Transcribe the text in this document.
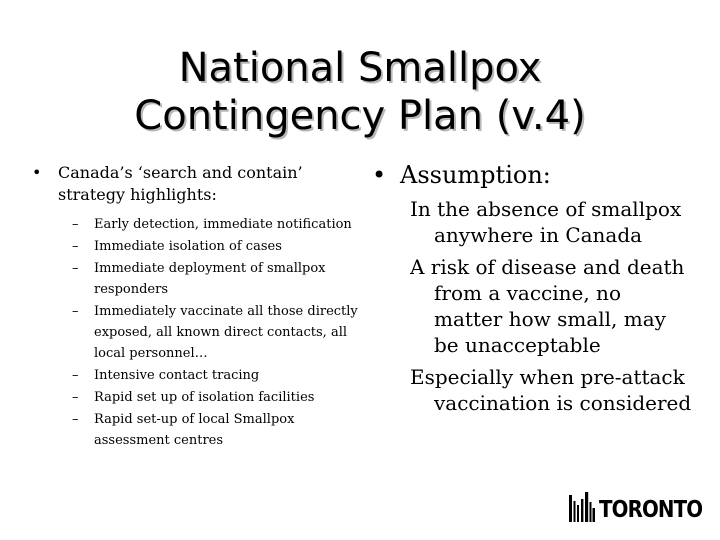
National Smallpox
Contingency Plan (v.4)
• Canada’s ‘search and contain’ strategy highlights:
– Early detection, immediate notification
– Immediate isolation of cases
– Immediate deployment of smallpox responders
– Immediately vaccinate all those directly exposed, all known direct contacts, all local personnel…
– Intensive contact tracing
– Rapid set up of isolation facilities
– Rapid set-up of local Smallpox assessment centres
• Assumption:
In the absence of smallpox anywhere in Canada
A risk of disease and death from a vaccine, no matter how small, may be unacceptable
Especially when pre-attack vaccination is considered
TORONTO
